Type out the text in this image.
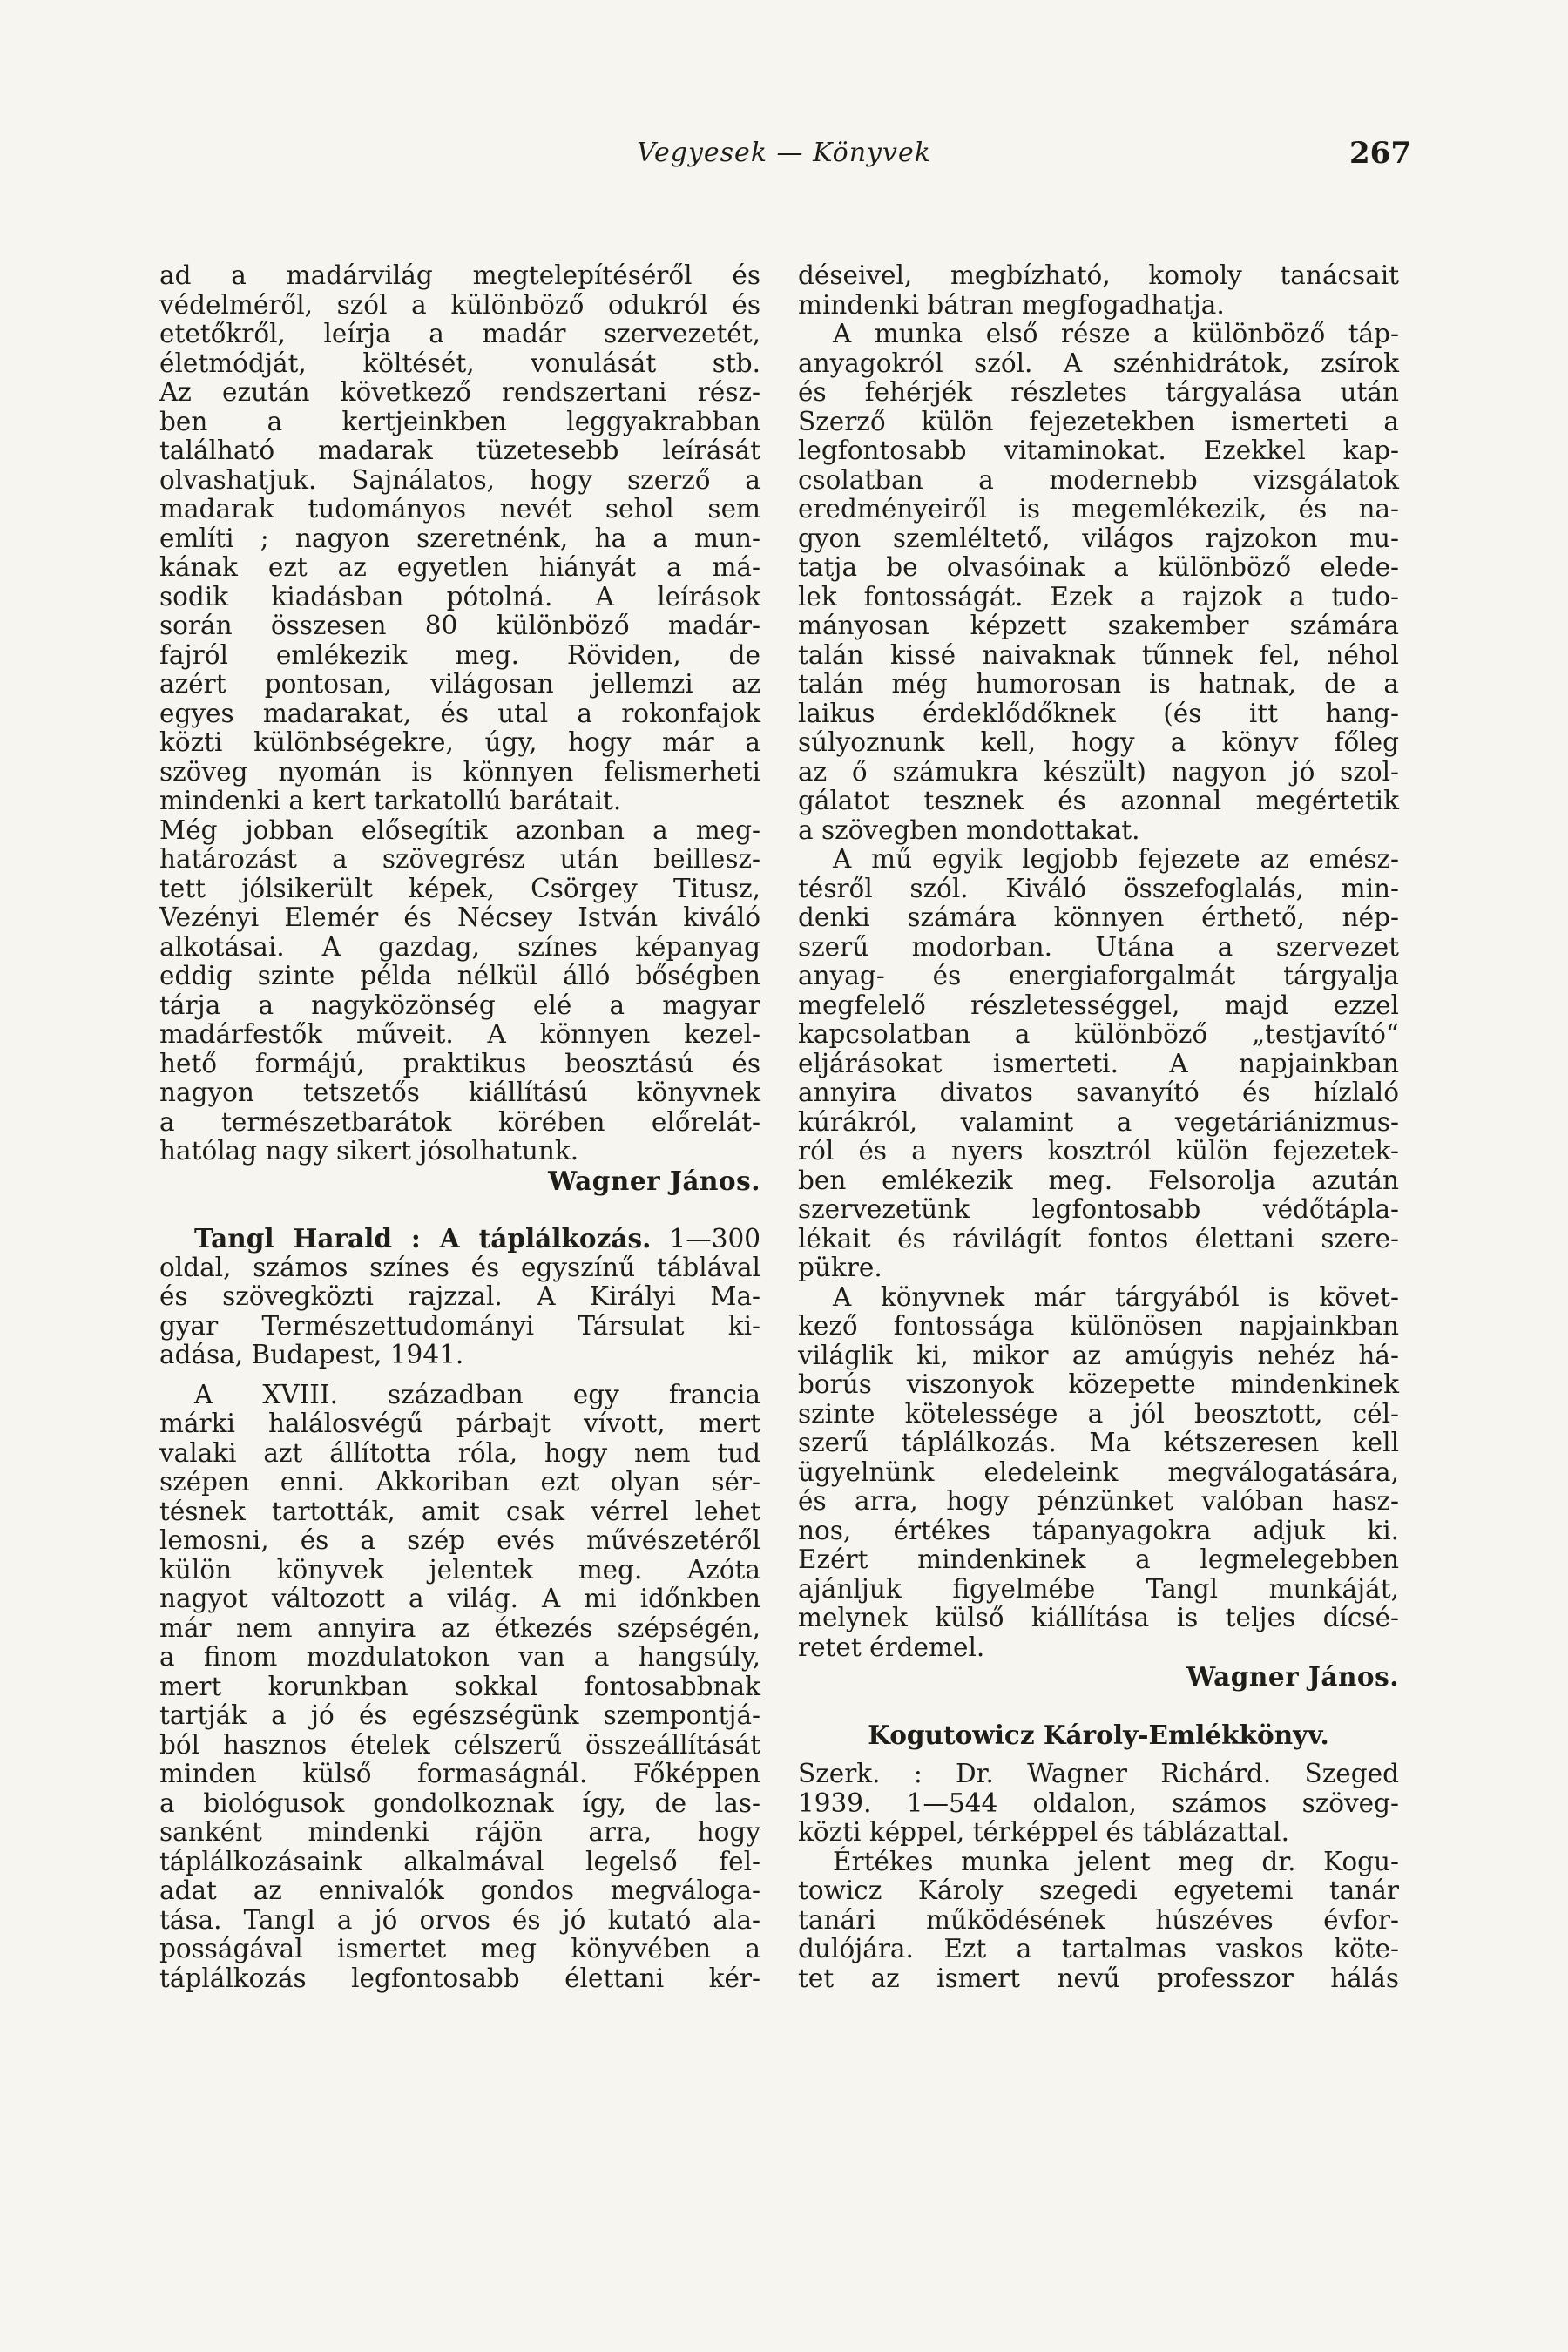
Vegyesek — Könyvek	267
ad a madárvilág megtelepítéséről és
védelméről, szól a különböző odukról és
etetőkről, leírja a madár szervezetét,
életmódját, költését, vonulását stb.
Az ezután következő rendszertani rész-
ben a kertjeinkben leggyakrabban
található madarak tüzetesebb leírását
olvashatjuk. Sajnálatos, hogy szerző a
madarak tudományos nevét sehol sem
említi ; nagyon szeretnénk, ha a mun-
kának ezt az egyetlen hiányát a má-
sodik kiadásban pótolná. A leírások
során összesen 80 különböző madár-
fajról emlékezik meg. Röviden, de
azért pontosan, világosan jellemzi az
egyes madarakat, és utal a rokonfajok
közti különbségekre, úgy, hogy már a
szöveg nyomán is könnyen felismerheti
mindenki a kert tarkatollú barátait.
Még jobban elősegítik azonban a meg-
határozást a szövegrész után beillesz-
tett jólsikerült képek, Csörgey Titusz,
Vezényi Elemér és Nécsey István kiváló
alkotásai. A gazdag, színes képanyag
eddig szinte példa nélkül álló bőségben
tárja a nagyközönség elé a magyar
madárfestők műveit. A könnyen kezel-
hető formájú, praktikus beosztású és
nagyon tetszetős kiállítású könyvnek
a természetbarátok körében előrelát-
hatólag nagy sikert jósolhatunk.
Wagner János.
Tangl Harald : A táplálkozás. 1—300
oldal, számos színes és egyszínű táblával
és szövegközti rajzzal. A Királyi Ma-
gyar Természettudományi Társulat ki-
adása, Budapest, 1941.
A XVIII. században egy francia
márki halálosvégű párbajt vívott, mert
valaki azt állította róla, hogy nem tud
szépen enni. Akkoriban ezt olyan sér-
tésnek tartották, amit csak vérrel lehet
lemosni, és a szép evés művészetéről
külön könyvek jelentek meg. Azóta
nagyot változott a világ. A mi időnkben
már nem annyira az étkezés szépségén,
a finom mozdulatokon van a hangsúly,
mert korunkban sokkal fontosabbnak
tartják a jó és egészségünk szempontjá-
ból hasznos ételek célszerű összeállítását
minden külső formaságnál. Főképpen
a biológusok gondolkoznak így, de las-
sanként mindenki rájön arra, hogy
táplálkozásaink alkalmával legelső fel-
adat az ennivalók gondos megváloga-
tása. Tangl a jó orvos és jó kutató ala-
posságával ismertet meg könyvében a
táplálkozás legfontosabb élettani kér-
déseivel, megbízható, komoly tanácsait
mindenki bátran megfogadhatja.
A munka első része a különböző táp-
anyagokról szól. A szénhidrátok, zsírok
és fehérjék részletes tárgyalása után
Szerző külön fejezetekben ismerteti a
legfontosabb vitaminokat. Ezekkel kap-
csolatban a modernebb vizsgálatok
eredményeiről is megemlékezik, és na-
gyon szemléltető, világos rajzokon mu-
tatja be olvasóinak a különböző elede-
lek fontosságát. Ezek a rajzok a tudo-
mányosan képzett szakember számára
talán kissé naivaknak tűnnek fel, néhol
talán még humorosan is hatnak, de a
laikus érdeklődőknek (és itt hang-
súlyoznunk kell, hogy a könyv főleg
az ő számukra készült) nagyon jó szol-
gálatot tesznek és azonnal megértetik
a szövegben mondottakat.
A mű egyik legjobb fejezete az emész-
tésről szól. Kiváló összefoglalás, min-
denki számára könnyen érthető, nép-
szerű modorban. Utána a szervezet
anyag- és energiaforgalmát tárgyalja
megfelelő részletességgel, majd ezzel
kapcsolatban a különböző „testjavító“
eljárásokat ismerteti. A napjainkban
annyira divatos savanyító és hízlaló
kúrákról, valamint a vegetáriánizmus-
ról és a nyers kosztról külön fejezetek-
ben emlékezik meg. Felsorolja azután
szervezetünk legfontosabb védőtápla-
lékait és rávilágít fontos élettani szere-
pükre.
A könyvnek már tárgyából is követ-
kező fontossága különösen napjainkban
világlik ki, mikor az amúgyis nehéz há-
borús viszonyok közepette mindenkinek
szinte kötelessége a jól beosztott, cél-
szerű táplálkozás. Ma kétszeresen kell
ügyelnünk eledeleink megválogatására,
és arra, hogy pénzünket valóban hasz-
nos, értékes tápanyagokra adjuk ki.
Ezért mindenkinek a legmelegebben
ajánljuk figyelmébe Tangl munkáját,
melynek külső kiállítása is teljes dícsé-
retet érdemel.
Wagner János.
Kogutowicz Károly-Emlékkönyv.
Szerk. : Dr. Wagner Richárd. Szeged
1939. 1—544 oldalon, számos szöveg-
közti képpel, térképpel és táblázattal.
Értékes munka jelent meg dr. Kogu-
towicz Károly szegedi egyetemi tanár
tanári működésének húszéves évfor-
dulójára. Ezt a tartalmas vaskos köte-
tet az ismert nevű professzor hálás
